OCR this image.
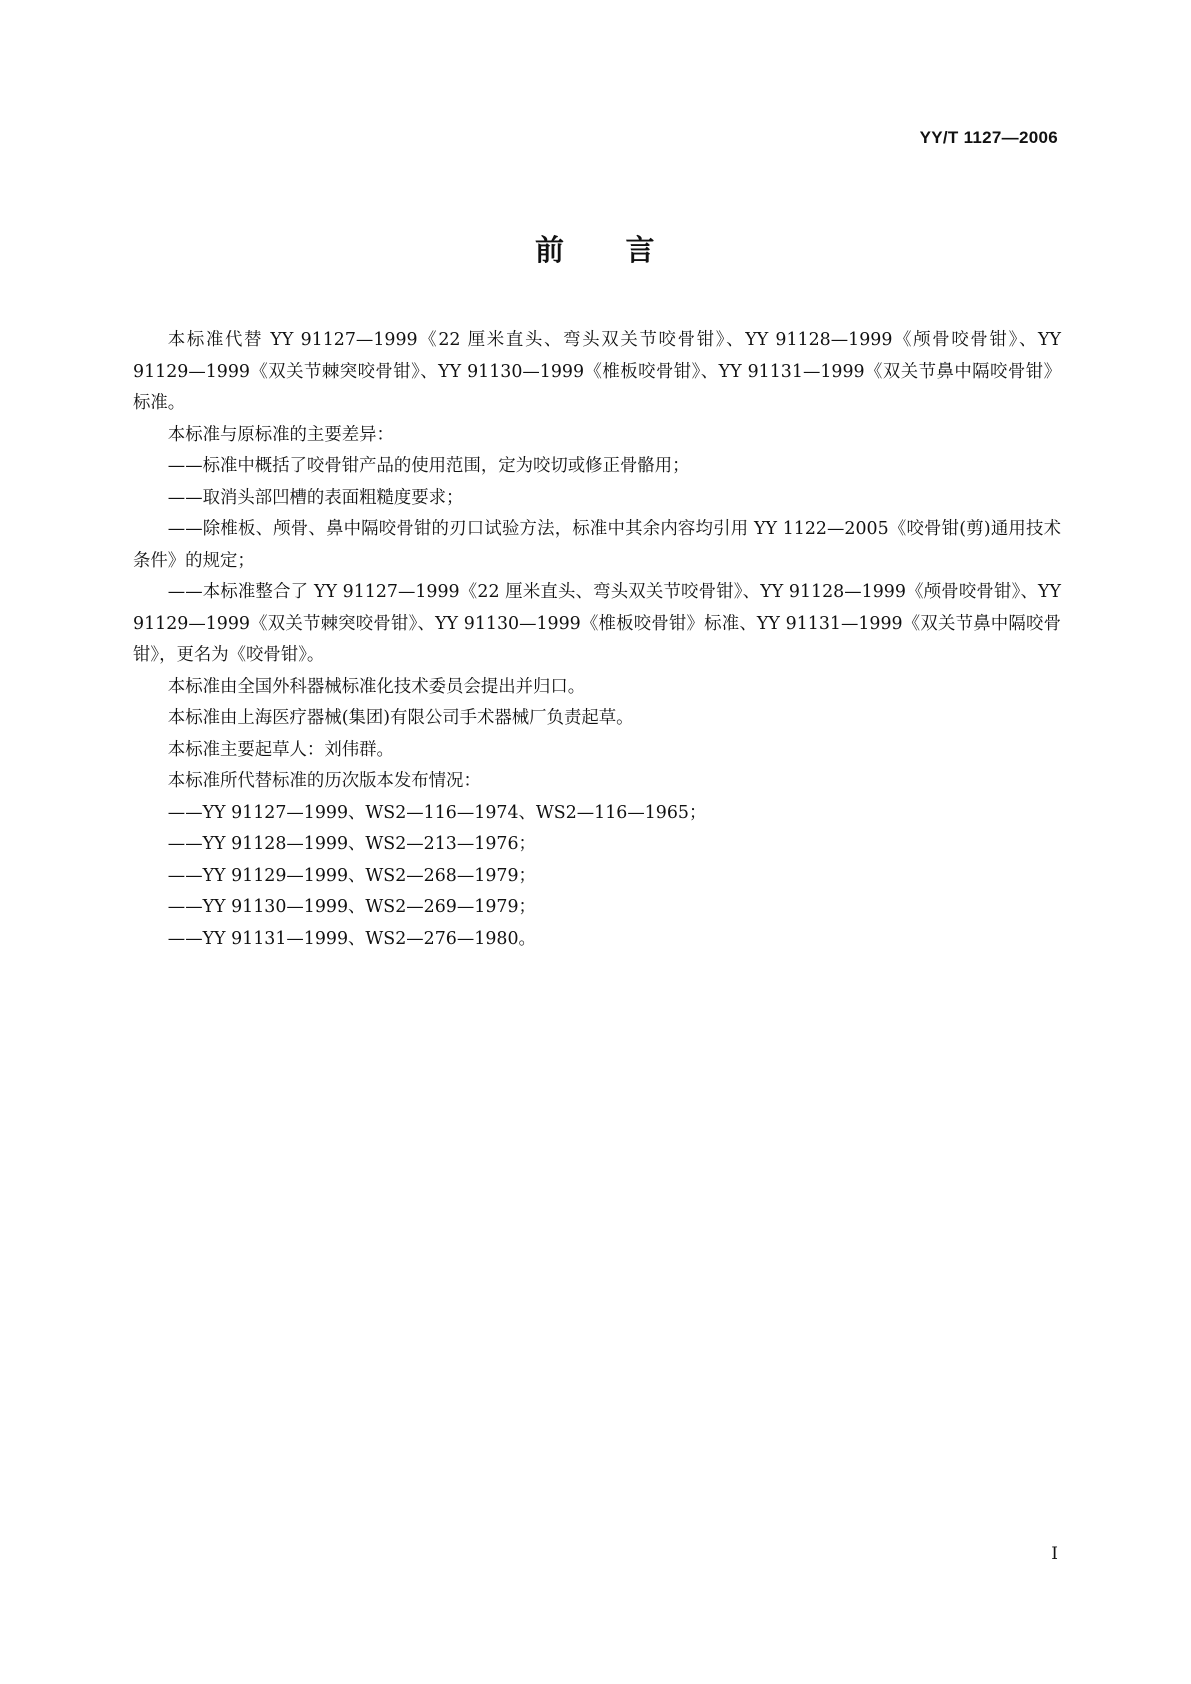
YY/T 1127—2006
前 言

本标准代替 YY 91127—1999《22 厘米直头、弯头双关节咬骨钳》、YY 91128—1999《颅骨咬骨钳》、YY 91129—1999《双关节棘突咬骨钳》、YY 91130—1999《椎板咬骨钳》、YY 91131—1999《双关节鼻中隔咬骨钳》标准。

本标准与原标准的主要差异：

——标准中概括了咬骨钳产品的使用范围，定为咬切或修正骨骼用；

——取消头部凹槽的表面粗糙度要求；

——除椎板、颅骨、鼻中隔咬骨钳的刃口试验方法，标准中其余内容均引用 YY 1122—2005《咬骨钳(剪)通用技术条件》的规定；

——本标准整合了 YY 91127—1999《22 厘米直头、弯头双关节咬骨钳》、YY 91128—1999《颅骨咬骨钳》、YY 91129—1999《双关节棘突咬骨钳》、YY 91130—1999《椎板咬骨钳》标准、YY 91131—1999《双关节鼻中隔咬骨钳》，更名为《咬骨钳》。

本标准由全国外科器械标准化技术委员会提出并归口。

本标准由上海医疗器械(集团)有限公司手术器械厂负责起草。

本标准主要起草人：刘伟群。

本标准所代替标准的历次版本发布情况：

——YY 91127—1999、WS2—116—1974、WS2—116—1965；

——YY 91128—1999、WS2—213—1976；

——YY 91129—1999、WS2—268—1979；

——YY 91130—1999、WS2—269—1979；

——YY 91131—1999、WS2—276—1980。

I
